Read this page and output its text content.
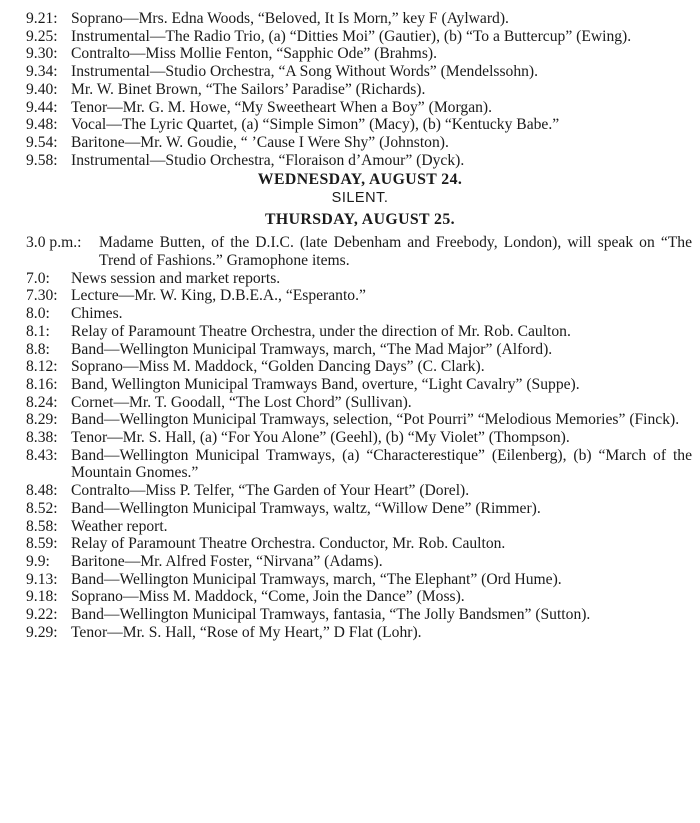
9.21: Soprano—Mrs. Edna Woods, “Beloved, It Is Morn,” key F (Aylward).
9.25: Instrumental—The Radio Trio, (a) “Ditties Moi” (Gautier), (b) “To a Buttercup” (Ewing).
9.30: Contralto—Miss Mollie Fenton, “Sapphic Ode” (Brahms).
9.34: Instrumental—Studio Orchestra, “A Song Without Words” (Mendelssohn).
9.40: Mr. W. Binet Brown, “The Sailors’ Paradise” (Richards).
9.44: Tenor—Mr. G. M. Howe, “My Sweetheart When a Boy” (Morgan).
9.48: Vocal—The Lyric Quartet, (a) “Simple Simon” (Macy), (b) “Kentucky Babe.”
9.54: Baritone—Mr. W. Goudie, “ ’Cause I Were Shy” (Johnston).
9.58: Instrumental—Studio Orchestra, “Floraison d’Amour” (Dyck).
WEDNESDAY, AUGUST 24.
SILENT.
THURSDAY, AUGUST 25.
3.0 p.m.:	Madame Butten, of the D.I.C. (late Debenham and Freebody, London), will speak on “The Trend of Fashions.” Gramophone items.
7.0:	News session and market reports.
7.30: Lecture—Mr. W. King, D.B.E.A., “Esperanto.”
8.0:	Chimes.
8.1:	Relay of Paramount Theatre Orchestra, under the direction of Mr. Rob. Caulton.
8.8:	Band—Wellington Municipal Tramways, march, “The Mad Major” (Alford).
8.12: Soprano—Miss M. Maddock, “Golden Dancing Days” (C. Clark).
8.16: Band, Wellington Municipal Tramways Band, overture, “Light Cavalry” (Suppe).
8.24: Cornet—Mr. T. Goodall, “The Lost Chord” (Sullivan).
8.29: Band—Wellington Municipal Tramways, selection, “Pot Pourri” “Melodious Memories” (Finck).
8.38: Tenor—Mr. S. Hall, (a) “For You Alone” (Geehl), (b) “My Violet” (Thompson).
8.43: Band—Wellington Municipal Tramways, (a) “Characterestique” (Eilenberg), (b) “March of the Mountain Gnomes.”
8.48: Contralto—Miss P. Telfer, “The Garden of Your Heart” (Dorel).
8.52: Band—Wellington Municipal Tramways, waltz, “Willow Dene” (Rimmer).
8.58: Weather report.
8.59: Relay of Paramount Theatre Orchestra. Conductor, Mr. Rob. Caulton.
9.9:	Baritone—Mr. Alfred Foster, “Nirvana” (Adams).
9.13: Band—Wellington Municipal Tramways, march, “The Elephant” (Ord Hume).
9.18: Soprano—Miss M. Maddock, “Come, Join the Dance” (Moss).
9.22: Band—Wellington Municipal Tramways, fantasia, “The Jolly Bandsmen” (Sutton).
9.29: Tenor—Mr. S. Hall, “Rose of My Heart,” D Flat (Lohr).
